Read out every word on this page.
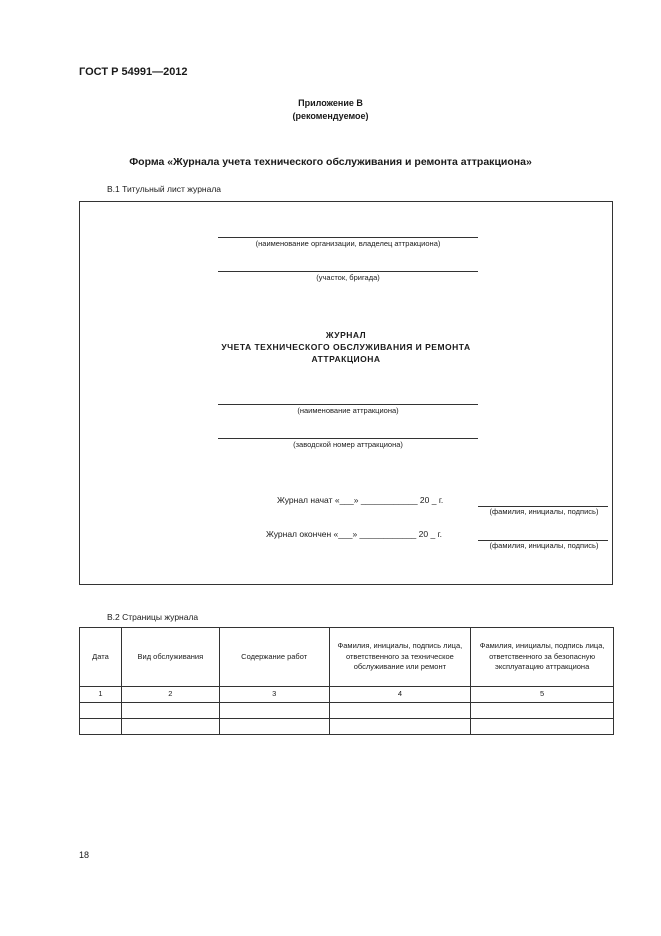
ГОСТ Р 54991—2012
Приложение В
(рекомендуемое)
Форма «Журнала учета технического обслуживания и ремонта аттракциона»
В.1 Титульный лист журнала
(наименование организации, владелец аттракциона)
(участок, бригада)
ЖУРНАЛ
УЧЕТА ТЕХНИЧЕСКОГО ОБСЛУЖИВАНИЯ И РЕМОНТА
АТТРАКЦИОНА
(наименование аттракциона)
(заводской номер аттракциона)
Журнал начат «___» ____________ 20 _ г.
(фамилия, инициалы, подпись)
Журнал окончен «___» ____________ 20 _ г.
(фамилия, инициалы, подпись)
В.2 Страницы журнала
Дата	Вид обслуживания	Содержание работ	Фамилия, инициалы, подпись лица, ответственного за техническое обслуживание или ремонт	Фамилия, инициалы, подпись лица, ответственного за безопасную эксплуатацию аттракциона
1	2	3	4	5

18
